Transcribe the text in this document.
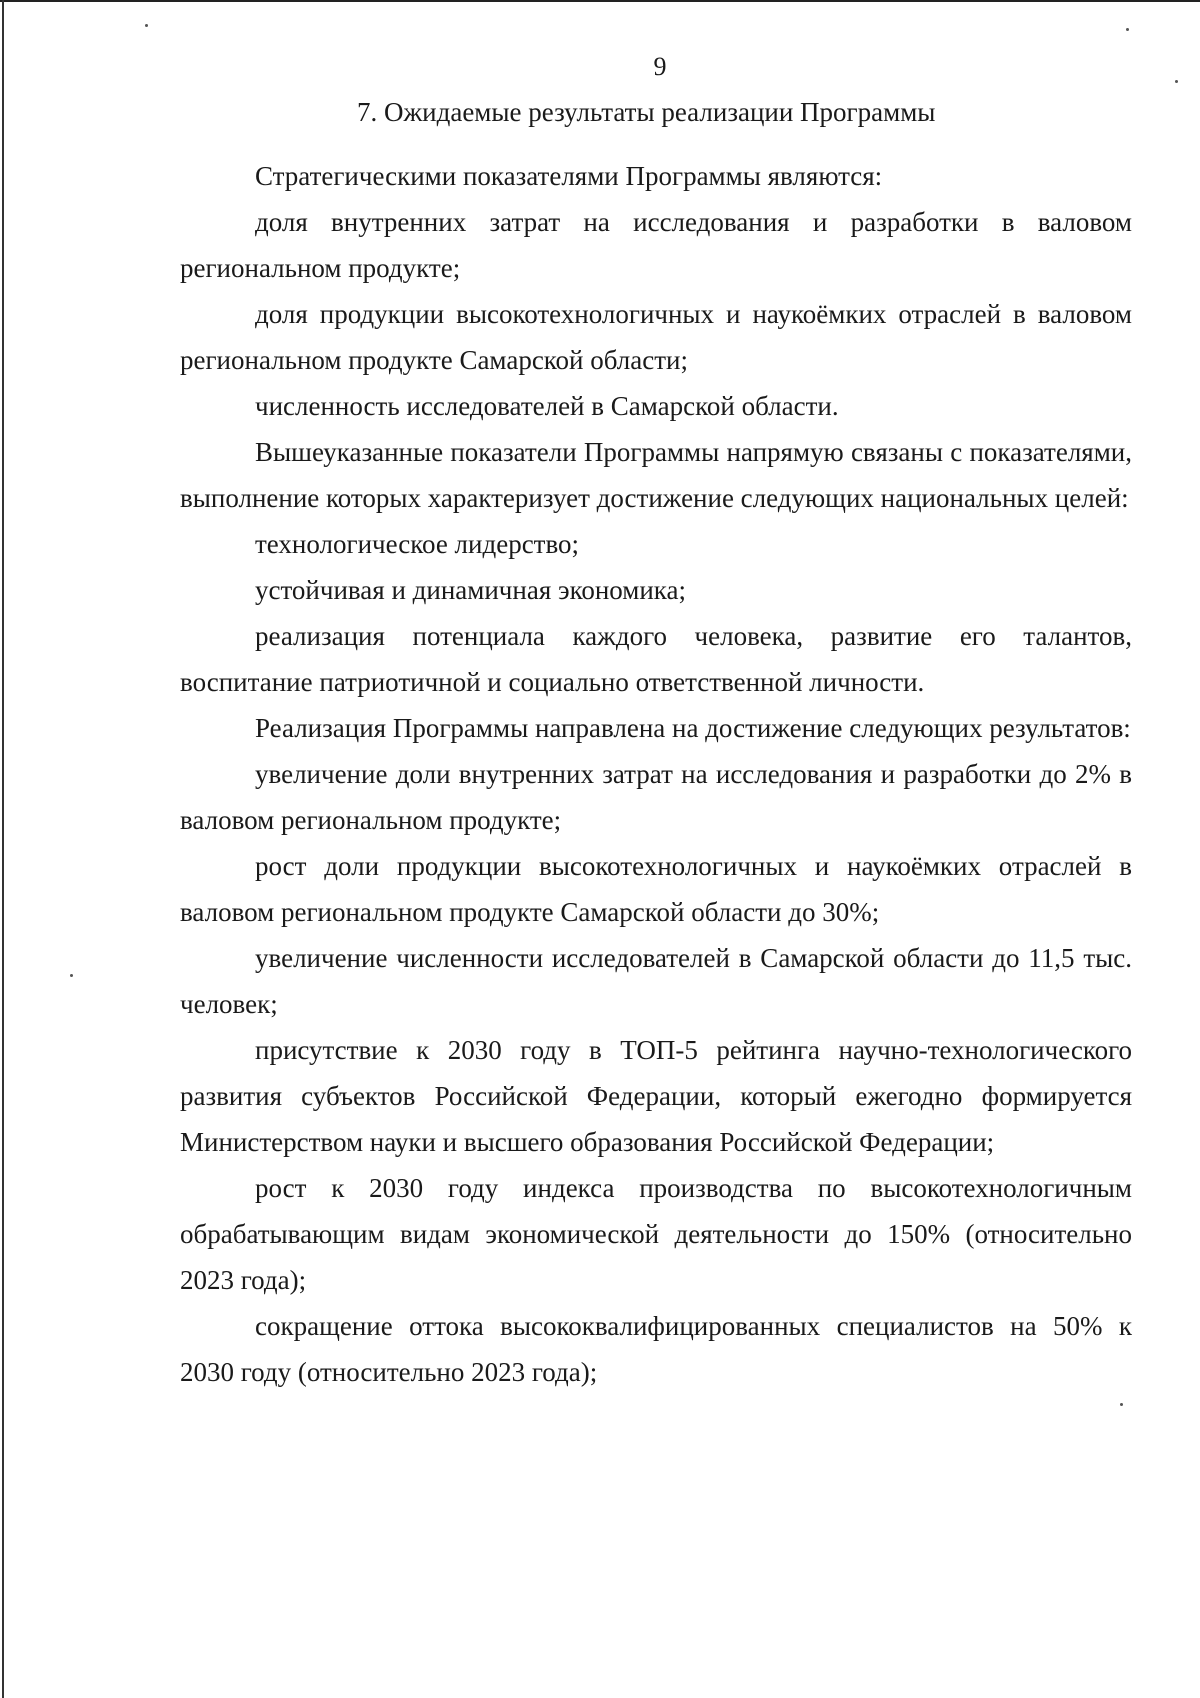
9
7. Ожидаемые результаты реализации Программы

Стратегическими показателями Программы являются:

доля внутренних затрат на исследования и разработки в валовом региональном продукте;

доля продукции высокотехнологичных и наукоёмких отраслей в валовом региональном продукте Самарской области;

численность исследователей в Самарской области.

Вышеуказанные показатели Программы напрямую связаны с показателями, выполнение которых характеризует достижение следующих национальных целей:

технологическое лидерство;

устойчивая и динамичная экономика;

реализация потенциала каждого человека, развитие его талантов, воспитание патриотичной и социально ответственной личности.

Реализация Программы направлена на достижение следующих результатов:

увеличение доли внутренних затрат на исследования и разработки до 2% в валовом региональном продукте;

рост доли продукции высокотехнологичных и наукоёмких отраслей в валовом региональном продукте Самарской области до 30%;

увеличение численности исследователей в Самарской области до 11,5 тыс. человек;

присутствие к 2030 году в ТОП-5 рейтинга научно-технологического развития субъектов Российской Федерации, который ежегодно формируется Министерством науки и высшего образования Российской Федерации;

рост к 2030 году индекса производства по высокотехнологичным обрабатывающим видам экономической деятельности до 150% (относительно 2023 года);

сокращение оттока высококвалифицированных специалистов на 50% к 2030 году (относительно 2023 года);
